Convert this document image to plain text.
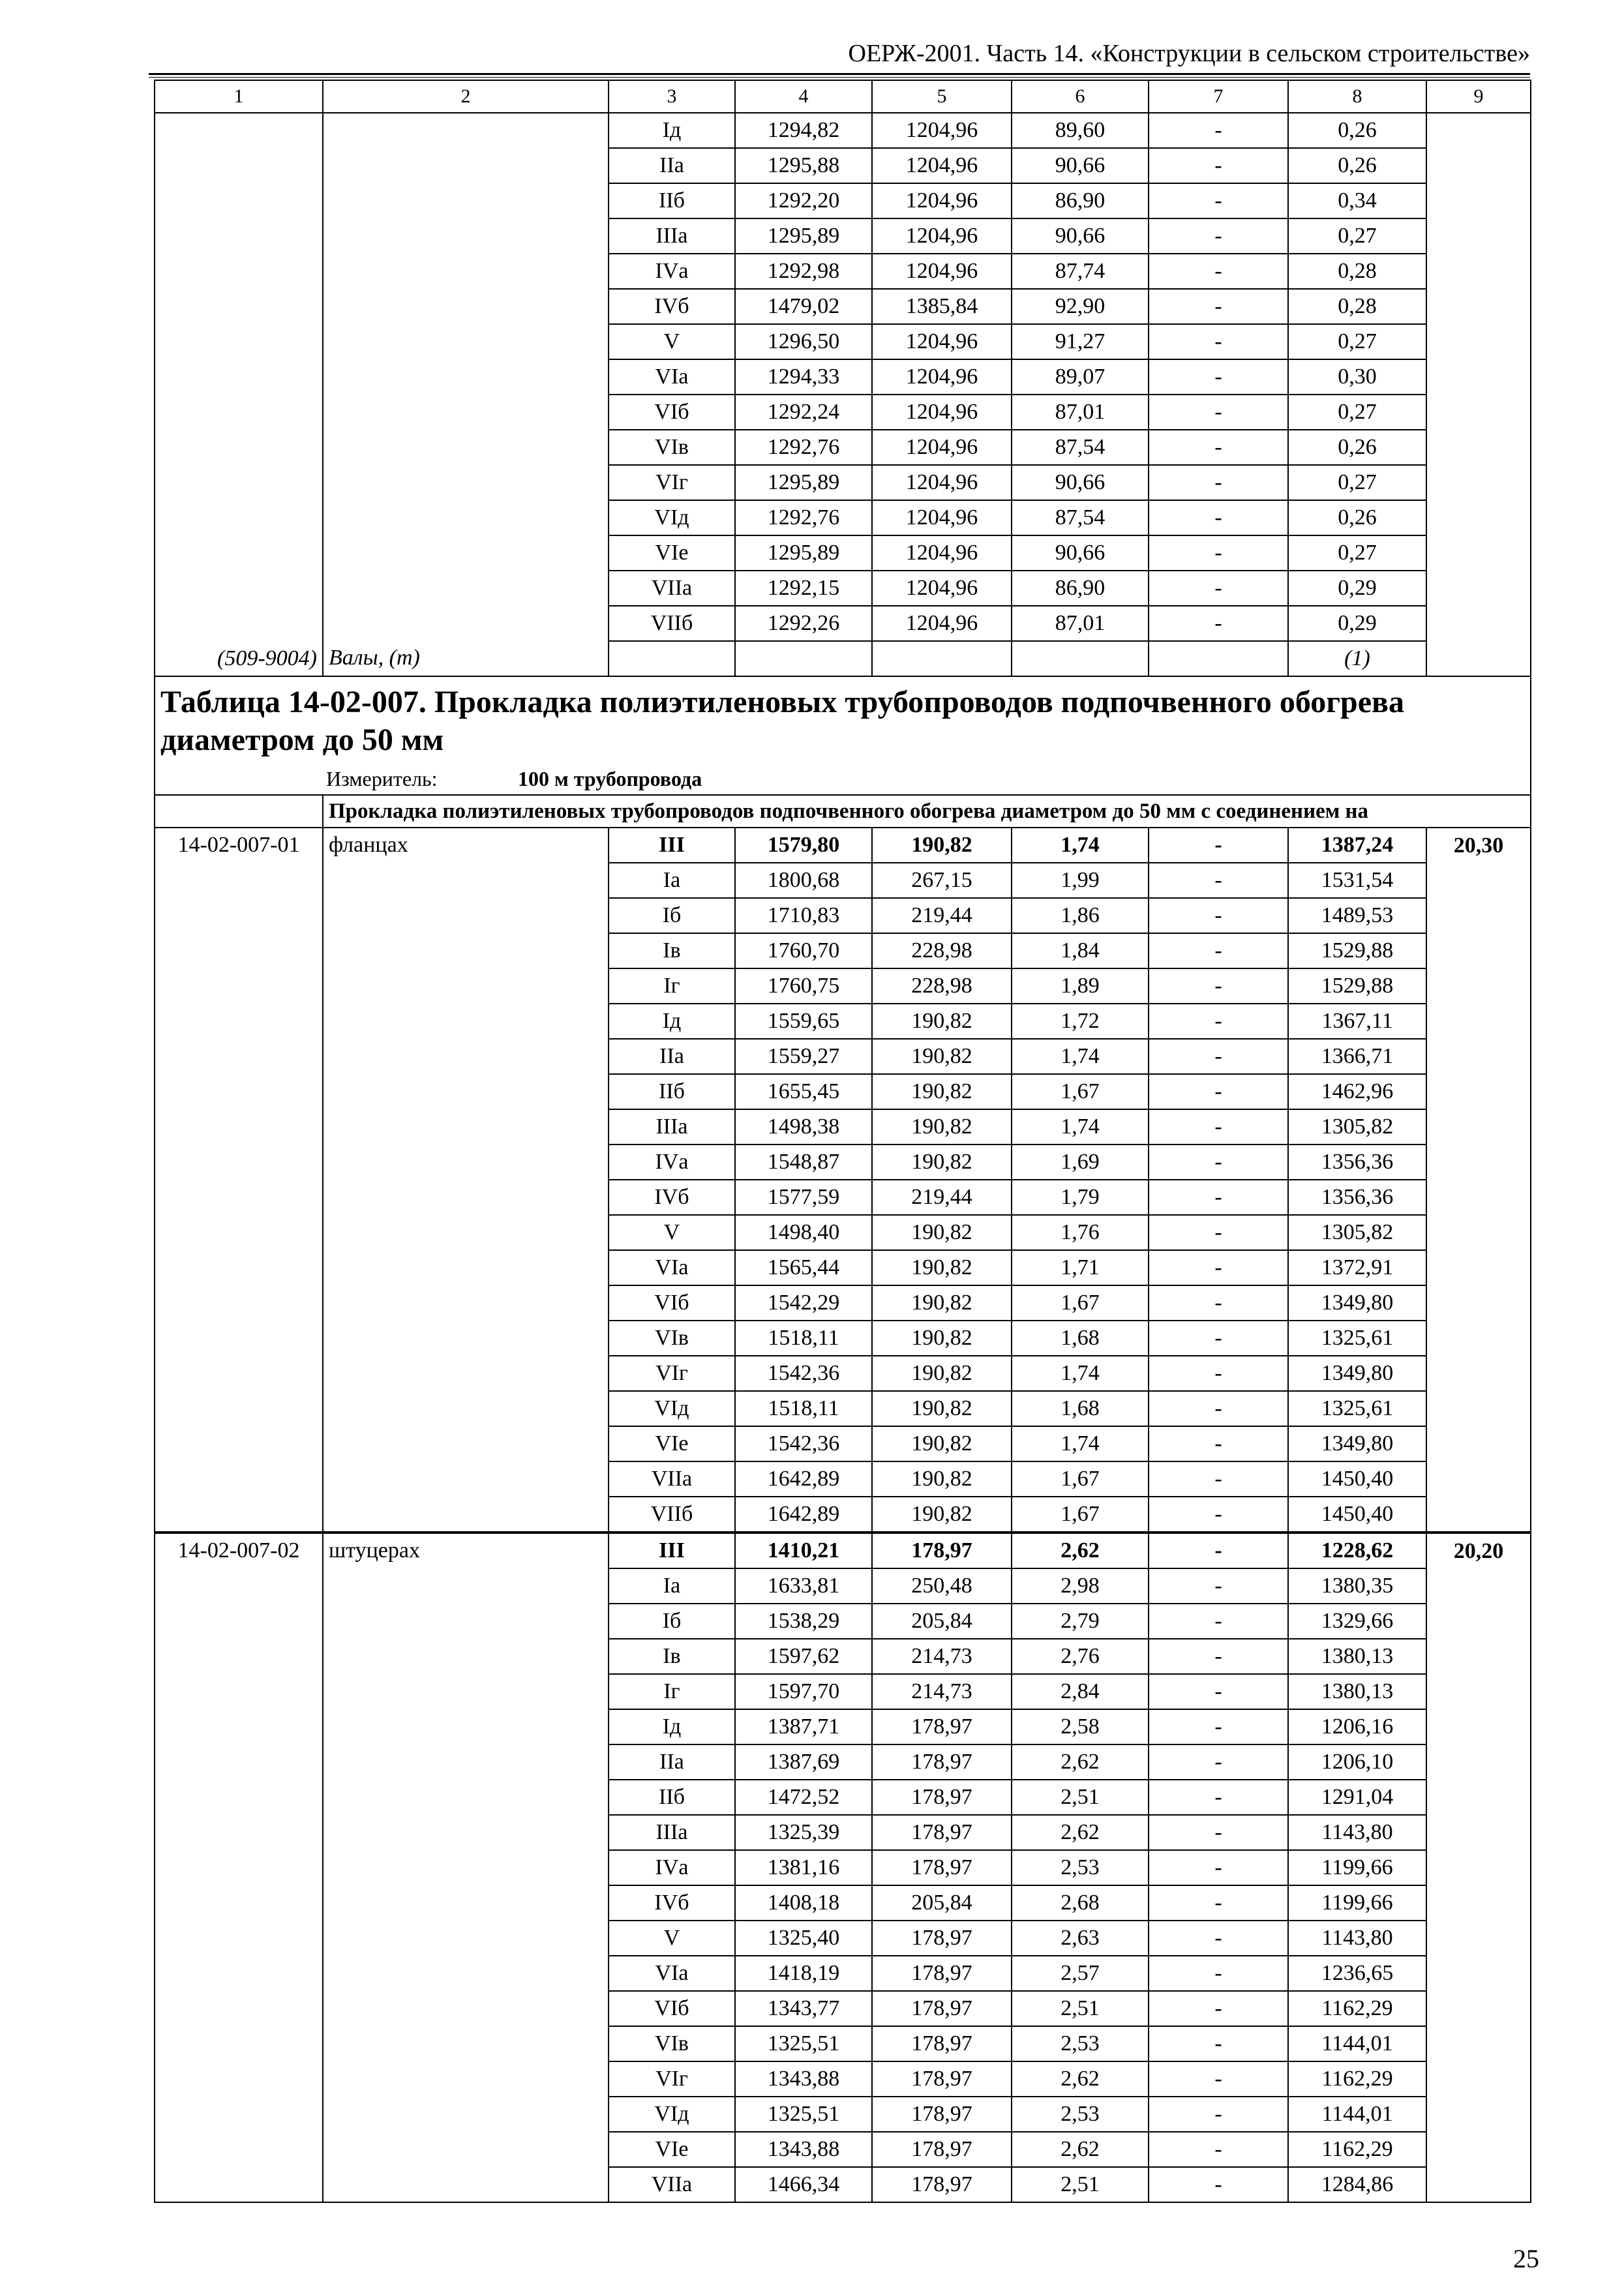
ОЕРЖ-2001. Часть 14. «Конструкции в сельском строительстве»
1	2	3	4	5	6	7	8	9
		Iд	1294,82	1204,96	89,60	-	0,26	
		IIа	1295,88	1204,96	90,66	-	0,26	
		IIб	1292,20	1204,96	86,90	-	0,34	
		IIIа	1295,89	1204,96	90,66	-	0,27	
		IVа	1292,98	1204,96	87,74	-	0,28	
		IVб	1479,02	1385,84	92,90	-	0,28	
		V	1296,50	1204,96	91,27	-	0,27	
		VIа	1294,33	1204,96	89,07	-	0,30	
		VIб	1292,24	1204,96	87,01	-	0,27	
		VIв	1292,76	1204,96	87,54	-	0,26	
		VIг	1295,89	1204,96	90,66	-	0,27	
		VIд	1292,76	1204,96	87,54	-	0,26	
		VIе	1295,89	1204,96	90,66	-	0,27	
		VIIа	1292,15	1204,96	86,90	-	0,29	
		VIIб	1292,26	1204,96	87,01	-	0,29	
(509-9004)	Валы, (т)						(1)	
Таблица 14-02-007. Прокладка полиэтиленовых трубопроводов подпочвенного обогрева диаметром до 50 мм								
Измеритель: 100 м трубопровода								
	Прокладка полиэтиленовых трубопроводов подпочвенного обогрева диаметром до 50 мм с соединением на							
14-02-007-01	фланцах	III	1579,80	190,82	1,74	-	1387,24	20,30
		Iа	1800,68	267,15	1,99	-	1531,54	
		Iб	1710,83	219,44	1,86	-	1489,53	
		Iв	1760,70	228,98	1,84	-	1529,88	
		Iг	1760,75	228,98	1,89	-	1529,88	
		Iд	1559,65	190,82	1,72	-	1367,11	
		IIа	1559,27	190,82	1,74	-	1366,71	
		IIб	1655,45	190,82	1,67	-	1462,96	
		IIIа	1498,38	190,82	1,74	-	1305,82	
		IVа	1548,87	190,82	1,69	-	1356,36	
		IVб	1577,59	219,44	1,79	-	1356,36	
		V	1498,40	190,82	1,76	-	1305,82	
		VIа	1565,44	190,82	1,71	-	1372,91	
		VIб	1542,29	190,82	1,67	-	1349,80	
		VIв	1518,11	190,82	1,68	-	1325,61	
		VIг	1542,36	190,82	1,74	-	1349,80	
		VIд	1518,11	190,82	1,68	-	1325,61	
		VIе	1542,36	190,82	1,74	-	1349,80	
		VIIа	1642,89	190,82	1,67	-	1450,40	
		VIIб	1642,89	190,82	1,67	-	1450,40	
14-02-007-02	штуцерах	III	1410,21	178,97	2,62	-	1228,62	20,20
		Iа	1633,81	250,48	2,98	-	1380,35	
		Iб	1538,29	205,84	2,79	-	1329,66	
		Iв	1597,62	214,73	2,76	-	1380,13	
		Iг	1597,70	214,73	2,84	-	1380,13	
		Iд	1387,71	178,97	2,58	-	1206,16	
		IIа	1387,69	178,97	2,62	-	1206,10	
		IIб	1472,52	178,97	2,51	-	1291,04	
		IIIа	1325,39	178,97	2,62	-	1143,80	
		IVа	1381,16	178,97	2,53	-	1199,66	
		IVб	1408,18	205,84	2,68	-	1199,66	
		V	1325,40	178,97	2,63	-	1143,80	
		VIа	1418,19	178,97	2,57	-	1236,65	
		VIб	1343,77	178,97	2,51	-	1162,29	
		VIв	1325,51	178,97	2,53	-	1144,01	
		VIг	1343,88	178,97	2,62	-	1162,29	
		VIд	1325,51	178,97	2,53	-	1144,01	
		VIе	1343,88	178,97	2,62	-	1162,29	
		VIIа	1466,34	178,97	2,51	-	1284,86	
25
